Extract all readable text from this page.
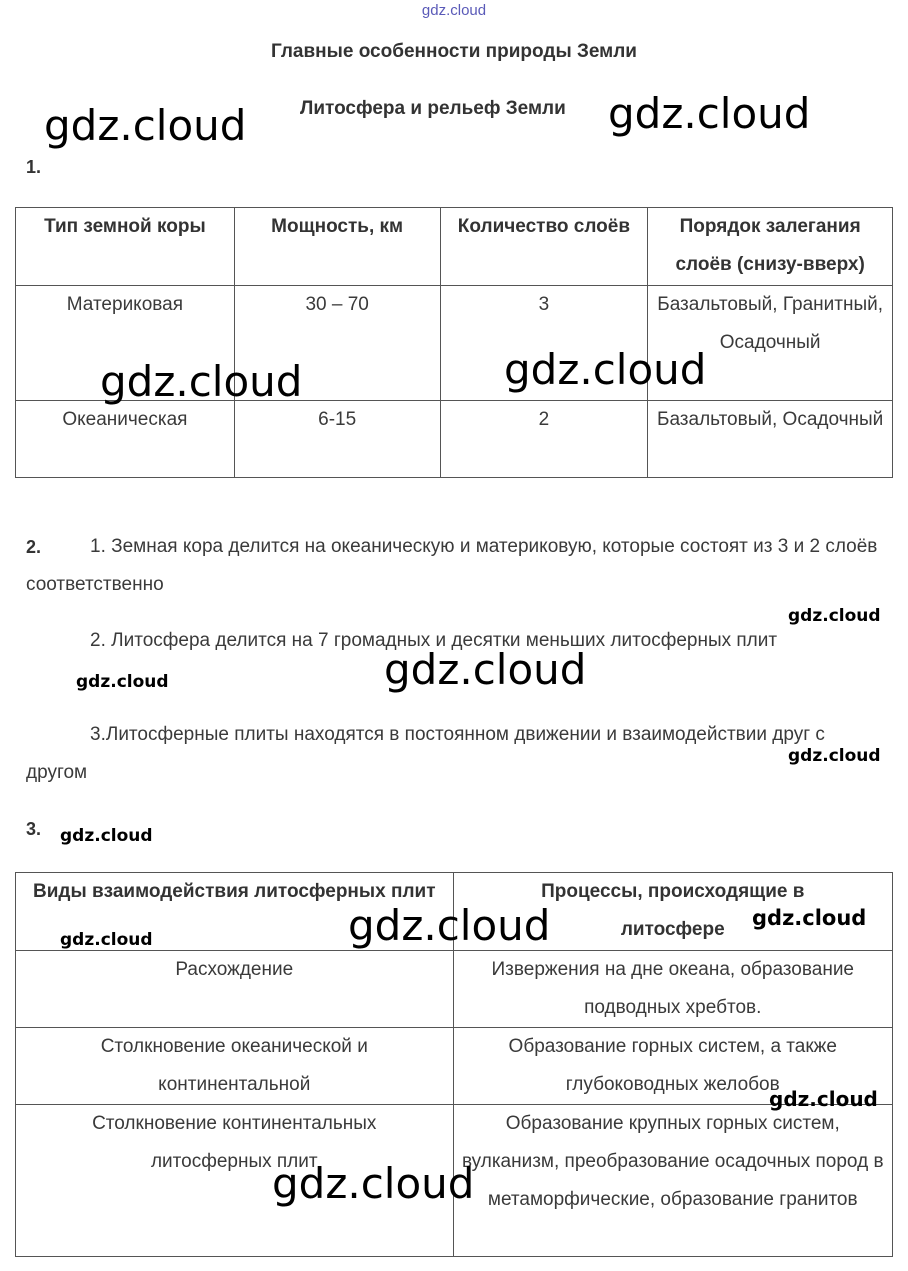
gdz.cloud
Главные особенности природы Земли
Литосфера и рельеф Земли
1.
Тип земной коры	Мощность, км	Количество слоёв	Порядок залегания слоёв (снизу-вверх)
Материковая	30 – 70	3	Базальтовый, Гранитный, Осадочный
Океаническая	6-15	2	Базальтовый, Осадочный
2.	1. Земная кора делится на океаническую и материковую, которые состоят из 3 и 2 слоёв соответственно
2. Литосфера делится на 7 громадных и десятки меньших литосферных плит
3.Литосферные плиты находятся в постоянном движении и взаимодействии друг с другом
3.
Виды взаимодействия литосферных плит	Процессы, происходящие в литосфере
Расхождение	Извержения на дне океана, образование подводных хребтов.
Столкновение океанической и континентальной	Образование горных систем, а также глубоководных желобов
Столкновение континентальных литосферных плит	Образование крупных горных систем, вулканизм, преобразование осадочных пород в метаморфические, образование гранитов
gdz.cloud	gdz.cloud
gdz.cloud	gdz.cloud
gdz.cloud
gdz.cloud
gdz.cloud
gdz.cloud
gdz.cloud
gdz.cloud	gdz.cloud
gdz.cloud
gdz.cloud
gdz.cloud
